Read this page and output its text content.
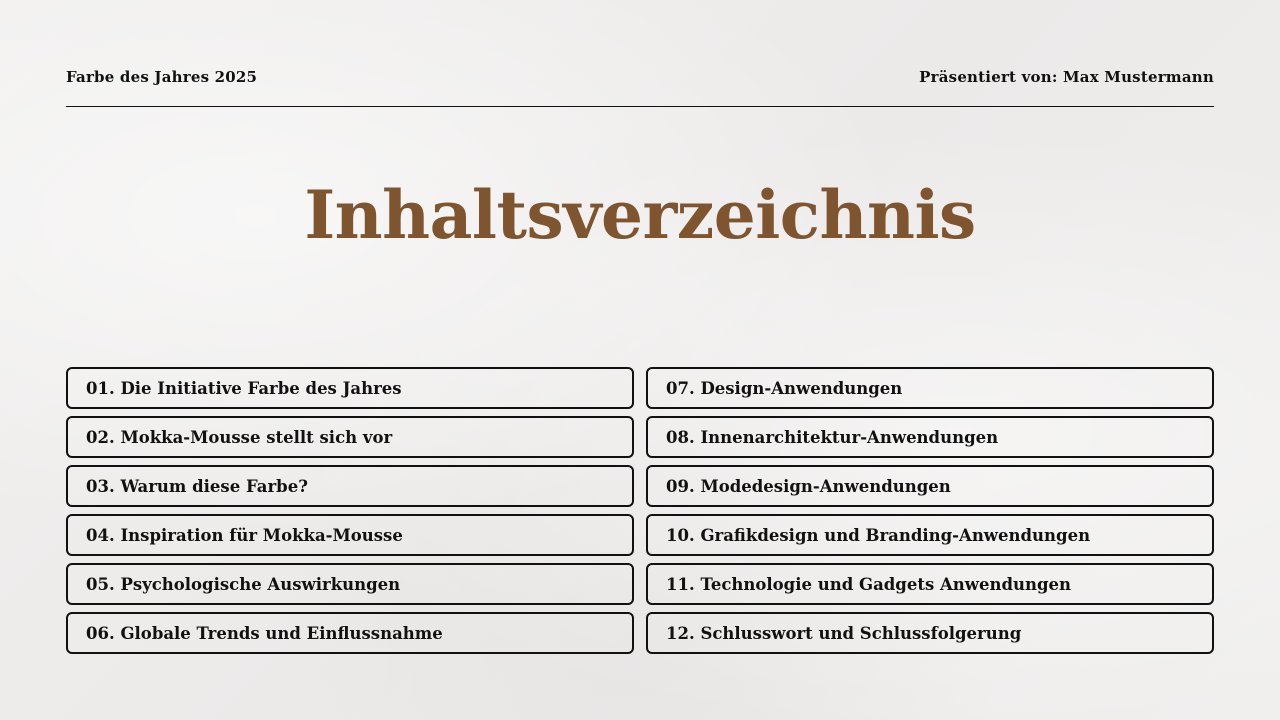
Farbe des Jahres 2025	Präsentiert von: Max Mustermann
Inhaltsverzeichnis
01. Die Initiative Farbe des Jahres	07. Design-Anwendungen
02. Mokka-Mousse stellt sich vor	08. Innenarchitektur-Anwendungen
03. Warum diese Farbe?	09. Modedesign-Anwendungen
04. Inspiration für Mokka-Mousse	10. Grafikdesign und Branding-Anwendungen
05. Psychologische Auswirkungen	11. Technologie und Gadgets Anwendungen
06. Globale Trends und Einflussnahme	12. Schlusswort und Schlussfolgerung
